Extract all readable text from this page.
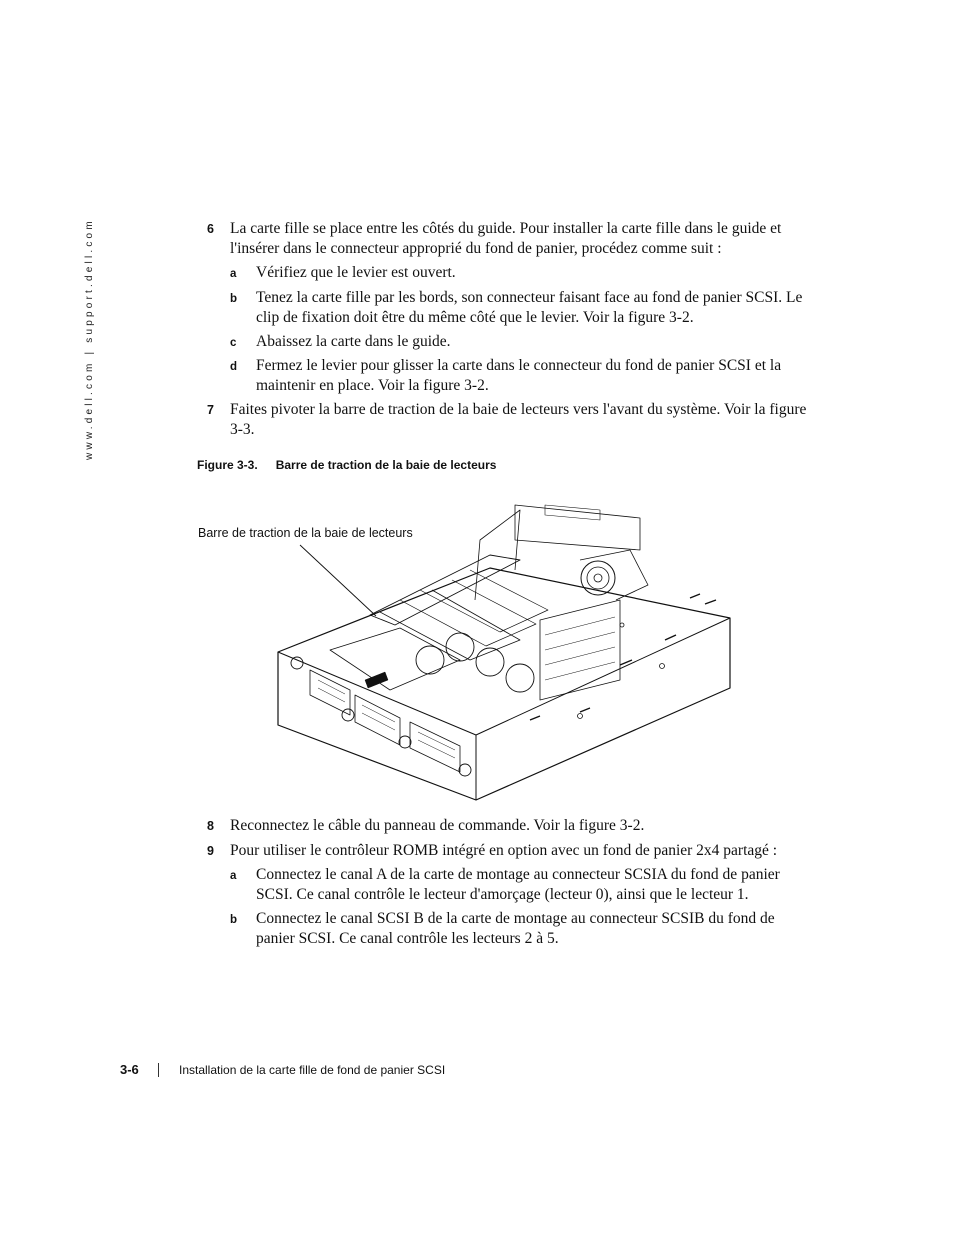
www.dell.com | support.dell.com	6 La carte fille se place entre les côtés du guide. Pour installer la carte fille dans le guide et l'insérer dans le connecteur approprié du fond de panier, procédez comme suit :
a Vérifiez que le levier est ouvert.
b Tenez la carte fille par les bords, son connecteur faisant face au fond de panier SCSI. Le clip de fixation doit être du même côté que le levier. Voir la figure 3-2.
c Abaissez la carte dans le guide.
d Fermez le levier pour glisser la carte dans le connecteur du fond de panier SCSI et la maintenir en place. Voir la figure 3-2.
7 Faites pivoter la barre de traction de la baie de lecteurs vers l'avant du système. Voir la figure 3-3.
Figure 3-3. Barre de traction de la baie de lecteurs
Barre de traction de la baie de lecteurs
8 Reconnectez le câble du panneau de commande. Voir la figure 3-2.
9 Pour utiliser le contrôleur ROMB intégré en option avec un fond de panier 2x4 partagé :
a Connectez le canal A de la carte de montage au connecteur SCSIA du fond de panier SCSI. Ce canal contrôle le lecteur d'amorçage (lecteur 0), ainsi que le lecteur 1.
b Connectez le canal SCSI B de la carte de montage au connecteur SCSIB du fond de panier SCSI. Ce canal contrôle les lecteurs 2 à 5.
3-6	Installation de la carte fille de fond de panier SCSI
